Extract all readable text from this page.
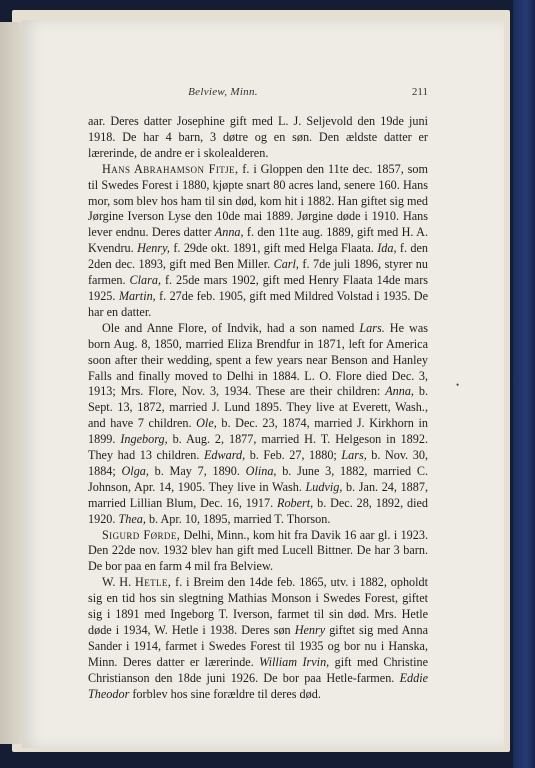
Belview, Minn.	211

aar. Deres datter Josephine gift med L. J. Seljevold den 19de juni 1918. De har 4 barn, 3 døtre og en søn. Den ældste datter er lærerinde, de andre er i skolealderen.

Hans Abrahamson Fitje, f. i Gloppen den 11te dec. 1857, som til Swedes Forest i 1880, kjøpte snart 80 acres land, senere 160. Hans mor, som blev hos ham til sin død, kom hit i 1882. Han giftet sig med Jørgine Iverson Lyse den 10de mai 1889. Jørgine døde i 1910. Hans lever endnu. Deres datter Anna, f. den 11te aug. 1889, gift med H. A. Kvendru. Henry, f. 29de okt. 1891, gift med Helga Flaata. Ida, f. den 2den dec. 1893, gift med Ben Miller. Carl, f. 7de juli 1896, styrer nu farmen. Clara, f. 25de mars 1902, gift med Henry Flaata 14de mars 1925. Martin, f. 27de feb. 1905, gift med Mildred Volstad i 1935. De har en datter.

Ole and Anne Flore, of Indvik, had a son named Lars. He was born Aug. 8, 1850, married Eliza Brendfur in 1871, left for America soon after their wedding, spent a few years near Benson and Hanley Falls and finally moved to Delhi in 1884. L. O. Flore died Dec. 3, 1913; Mrs. Flore, Nov. 3, 1934. These are their children: Anna, b. Sept. 13, 1872, married J. Lund 1895. They live at Everett, Wash., and have 7 children. Ole, b. Dec. 23, 1874, married J. Kirkhorn in 1899. Ingeborg, b. Aug. 2, 1877, married H. T. Helgeson in 1892. They had 13 children. Edward, b. Feb. 27, 1880; Lars, b. Nov. 30, 1884; Olga, b. May 7, 1890. Olina, b. June 3, 1882, married C. Johnson, Apr. 14, 1905. They live in Wash. Ludvig, b. Jan. 24, 1887, married Lillian Blum, Dec. 16, 1917. Robert, b. Dec. 28, 1892, died 1920. Thea, b. Apr. 10, 1895, married T. Thorson.

Sigurd Førde, Delhi, Minn., kom hit fra Davik 16 aar gl. i 1923. Den 22de nov. 1932 blev han gift med Lucell Bittner. De har 3 barn. De bor paa en farm 4 mil fra Belview.

W. H. Hetle, f. i Breim den 14de feb. 1865, utv. i 1882, opholdt sig en tid hos sin slegtning Mathias Monson i Swedes Forest, giftet sig i 1891 med Ingeborg T. Iverson, farmet til sin død. Mrs. Hetle døde i 1934, W. Hetle i 1938. Deres søn Henry giftet sig med Anna Sander i 1914, farmet i Swedes Forest til 1935 og bor nu i Hanska, Minn. Deres datter er lærerinde. William Irvin, gift med Christine Christianson den 18de juni 1926. De bor paa Hetle-farmen. Eddie Theodor forblev hos sine forældre til deres død.

•
